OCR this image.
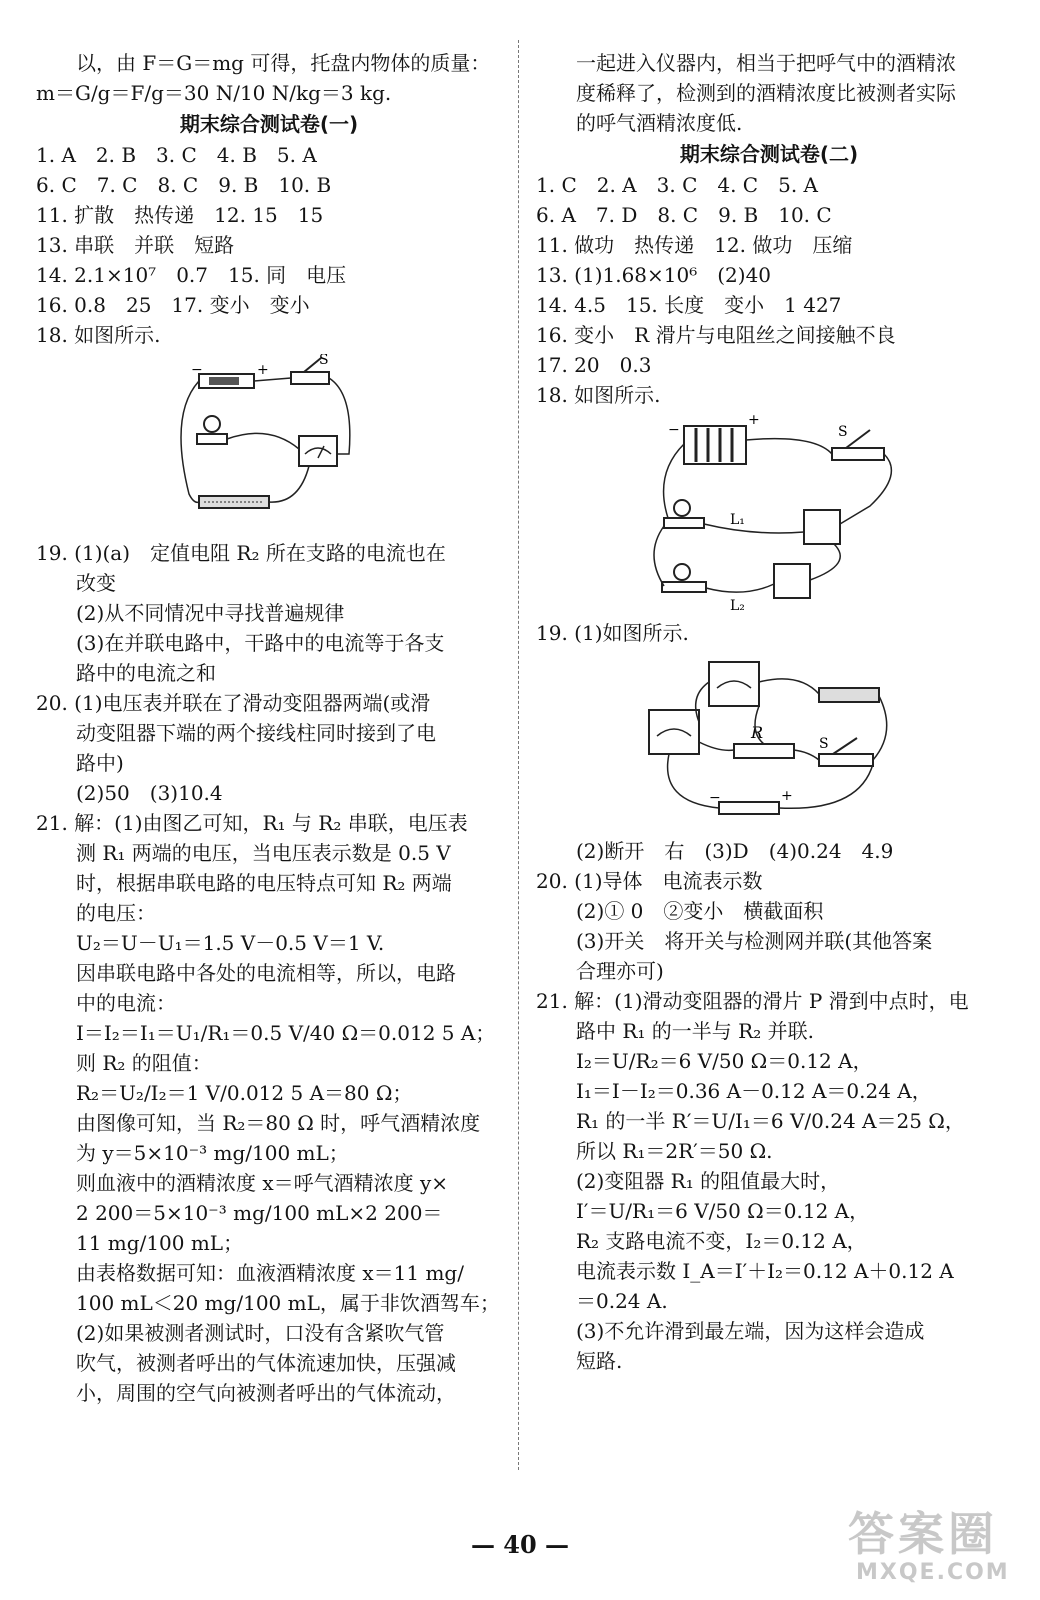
以，由 F＝G＝mg 可得，托盘内物体的质量：
m＝G/g＝F/g＝30 N/10 N/kg＝3 kg.
期末综合测试卷(一)
1. A　2. B　3. C　4. B　5. A
6. C　7. C　8. C　9. B　10. B
11. 扩散　热传递　12. 15　15
13. 串联　并联　短路
14. 2.1×10⁷　0.7　15. 同　电压
16. 0.8　25　17. 变小　变小
18. 如图所示.
−	+
S
19. (1)(a)　定值电阻 R₂ 所在支路的电流也在
改变
(2)从不同情况中寻找普遍规律
(3)在并联电路中，干路中的电流等于各支
路中的电流之和
20. (1)电压表并联在了滑动变阻器两端(或滑
动变阻器下端的两个接线柱同时接到了电
路中)
(2)50　(3)10.4
21. 解：(1)由图乙可知，R₁ 与 R₂ 串联，电压表
测 R₁ 两端的电压，当电压表示数是 0.5 V
时，根据串联电路的电压特点可知 R₂ 两端
的电压：
U₂＝U－U₁＝1.5 V－0.5 V＝1 V.
因串联电路中各处的电流相等，所以，电路
中的电流：
I＝I₂＝I₁＝U₁/R₁＝0.5 V/40 Ω＝0.012 5 A；
则 R₂ 的阻值：
R₂＝U₂/I₂＝1 V/0.012 5 A＝80 Ω；
由图像可知，当 R₂＝80 Ω 时，呼气酒精浓度
为 y＝5×10⁻³ mg/100 mL；
则血液中的酒精浓度 x＝呼气酒精浓度 y×
2 200＝5×10⁻³ mg/100 mL×2 200＝
11 mg/100 mL；
由表格数据可知：血液酒精浓度 x＝11 mg/
100 mL＜20 mg/100 mL，属于非饮酒驾车；
(2)如果被测者测试时，口没有含紧吹气管
吹气，被测者呼出的气体流速加快，压强减
小，周围的空气向被测者呼出的气体流动，
一起进入仪器内，相当于把呼气中的酒精浓
度稀释了，检测到的酒精浓度比被测者实际
的呼气酒精浓度低.
期末综合测试卷(二)
1. C　2. A　3. C　4. C　5. A
6. A　7. D　8. C　9. B　10. C
11. 做功　热传递　12. 做功　压缩
13. (1)1.68×10⁶　(2)40
14. 4.5　15. 长度　变小　1 427
16. 变小　R 滑片与电阻丝之间接触不良
17. 20　0.3
18. 如图所示.
−
+
S
L₁
L₂
19. (1)如图所示.
R
S
−	+
(2)断开　右　(3)D　(4)0.24　4.9
20. (1)导体　电流表示数
(2)① 0　②变小　横截面积
(3)开关　将开关与检测网并联(其他答案
合理亦可)
21. 解：(1)滑动变阻器的滑片 P 滑到中点时，电
路中 R₁ 的一半与 R₂ 并联.
I₂＝U/R₂＝6 V/50 Ω＝0.12 A，
I₁＝I－I₂＝0.36 A－0.12 A＝0.24 A，
R₁ 的一半 R′＝U/I₁＝6 V/0.24 A＝25 Ω，
所以 R₁＝2R′＝50 Ω.
(2)变阻器 R₁ 的阻值最大时，
I′＝U/R₁＝6 V/50 Ω＝0.12 A，
R₂ 支路电流不变，I₂＝0.12 A，
电流表示数 I_A＝I′＋I₂＝0.12 A＋0.12 A
＝0.24 A.
(3)不允许滑到最左端，因为这样会造成
短路.
— 40 —	答案圈
MXQE.COM
